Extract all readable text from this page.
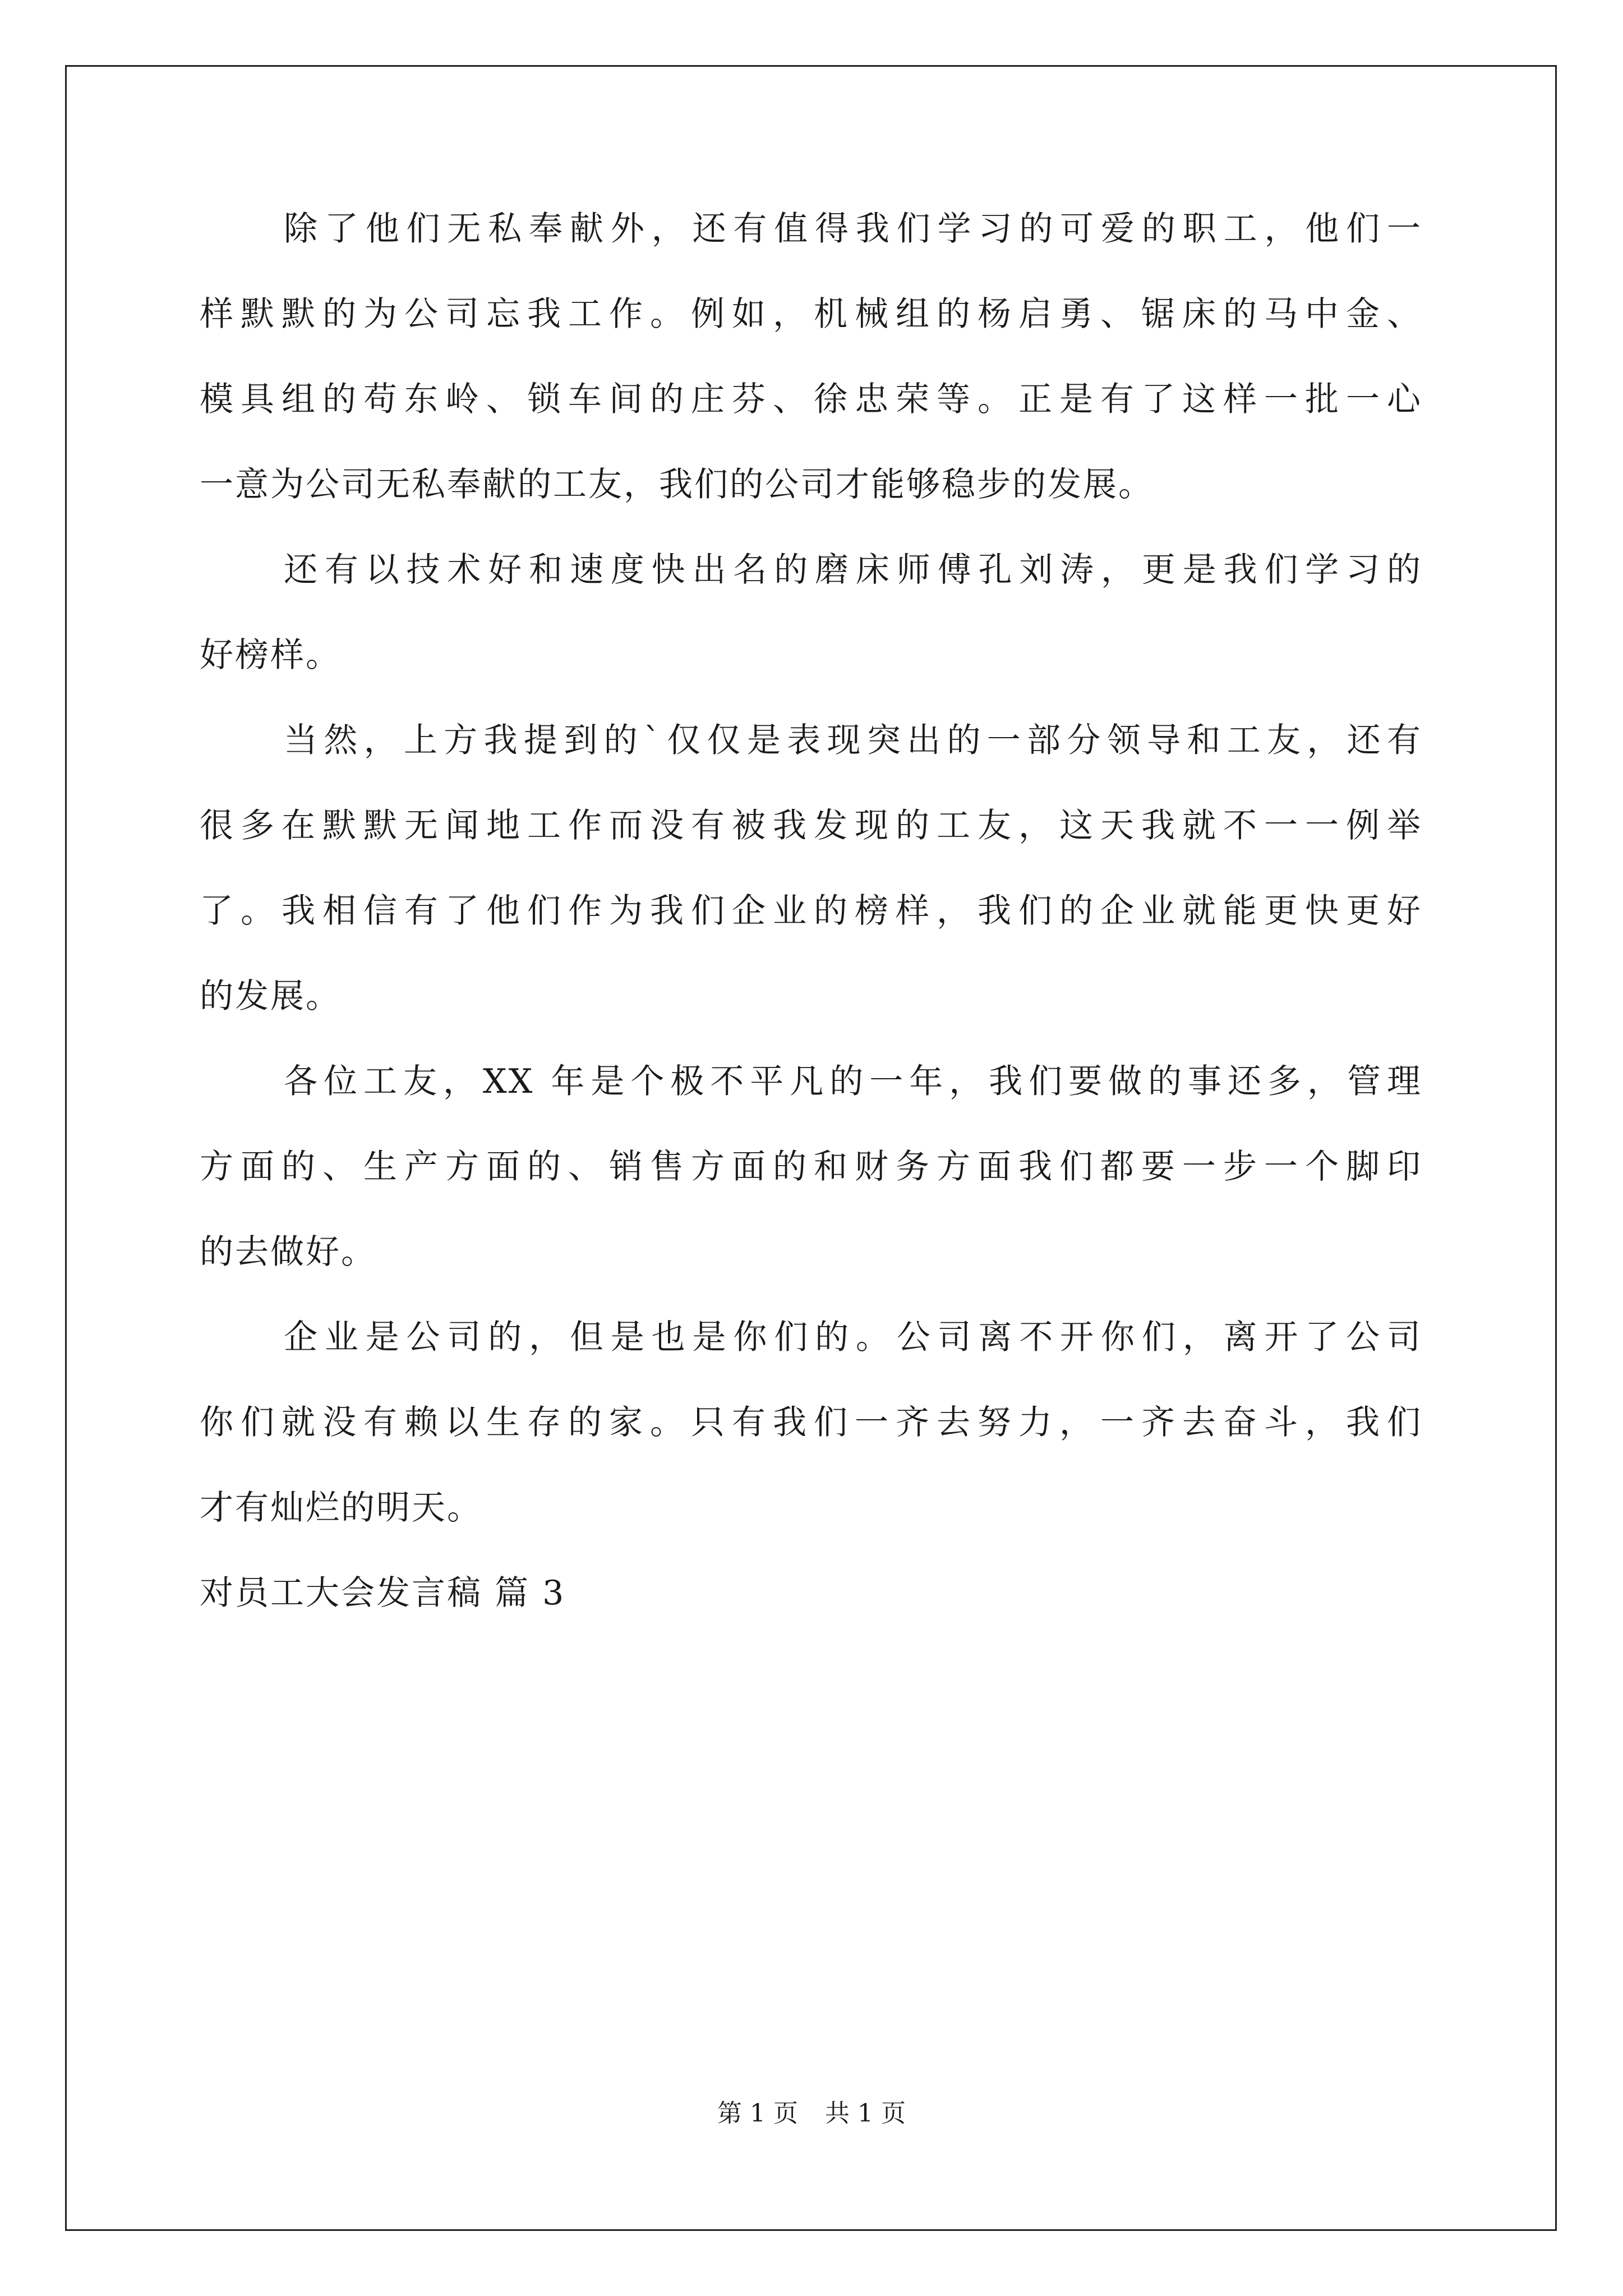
除了他们无私奉献外，还有值得我们学习的可爱的职工，他们一
样默默的为公司忘我工作。例如，机械组的杨启勇、锯床的马中金、
模具组的苟东岭、锁车间的庄芬、徐忠荣等。正是有了这样一批一心
一意为公司无私奉献的工友，我们的公司才能够稳步的发展。
还有以技术好和速度快出名的磨床师傅孔刘涛，更是我们学习的
好榜样。
当然，上方我提到的`仅仅是表现突出的一部分领导和工友，还有
很多在默默无闻地工作而没有被我发现的工友，这天我就不一一例举
了。我相信有了他们作为我们企业的榜样，我们的企业就能更快更好
的发展。
各位工友，XX 年是个极不平凡的一年，我们要做的事还多，管理
方面的、生产方面的、销售方面的和财务方面我们都要一步一个脚印
的去做好。
企业是公司的，但是也是你们的。公司离不开你们，离开了公司
你们就没有赖以生存的家。只有我们一齐去努力，一齐去奋斗，我们
才有灿烂的明天。
对员工大会发言稿 篇 3
第 1 页 共 1 页
